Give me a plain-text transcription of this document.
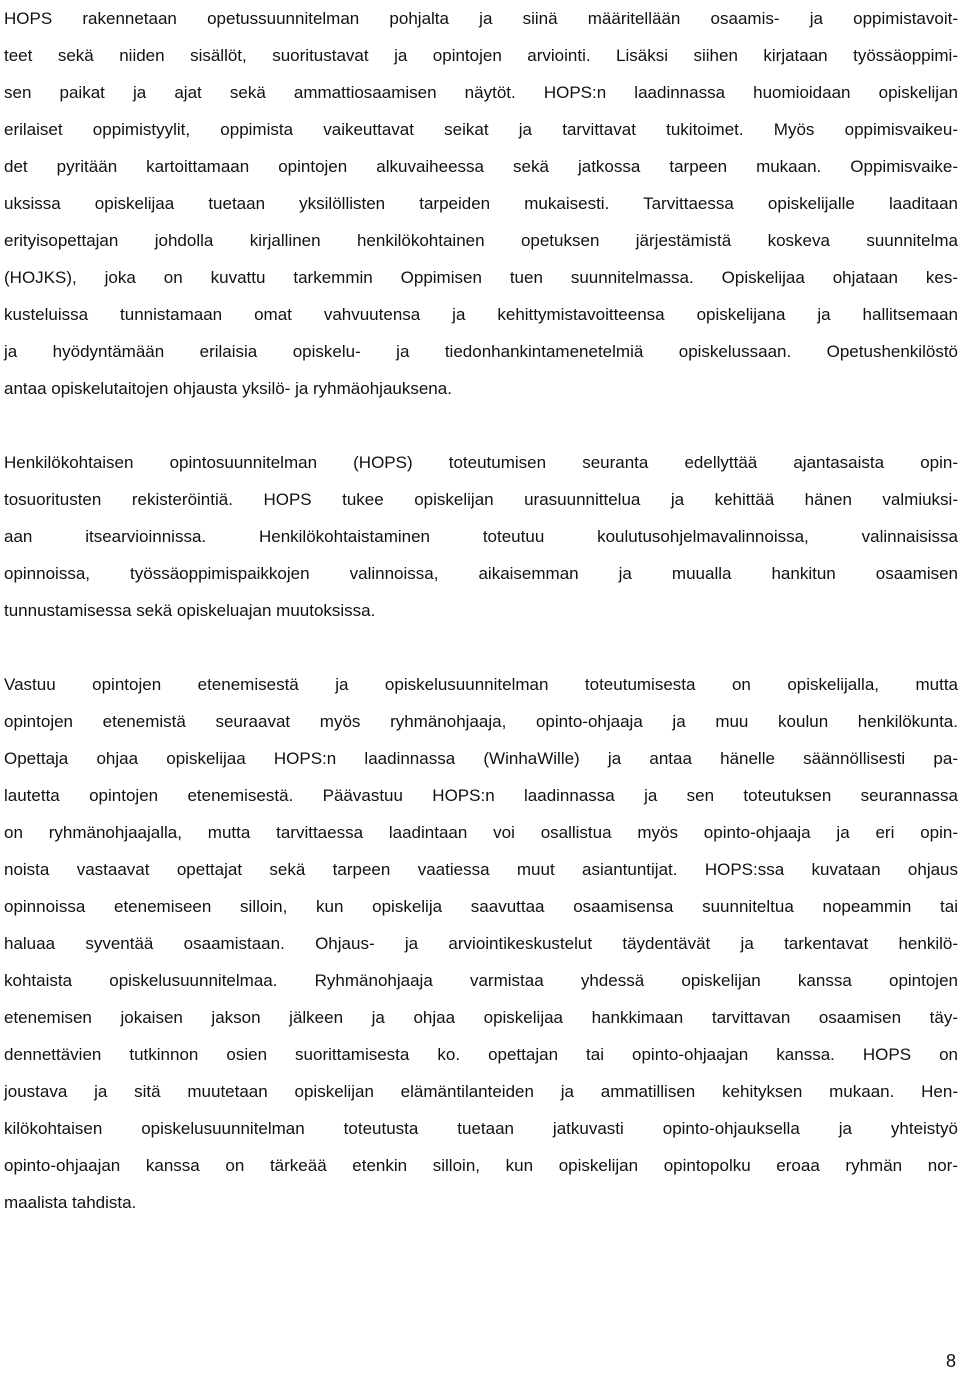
HOPS rakennetaan opetussuunnitelman pohjalta ja siinä määritellään osaamis- ja oppimistavoit-
teet sekä niiden sisällöt, suoritustavat ja opintojen arviointi. Lisäksi siihen kirjataan työssäoppimi-
sen paikat ja ajat sekä ammattiosaamisen näytöt. HOPS:n laadinnassa huomioidaan opiskelijan
erilaiset oppimistyylit, oppimista vaikeuttavat seikat ja tarvittavat tukitoimet. Myös oppimisvaikeu-
det pyritään kartoittamaan opintojen alkuvaiheessa sekä jatkossa tarpeen mukaan. Oppimisvaike-
uksissa opiskelijaa tuetaan yksilöllisten tarpeiden mukaisesti. Tarvittaessa opiskelijalle laaditaan
erityisopettajan johdolla kirjallinen henkilökohtainen opetuksen järjestämistä koskeva suunnitelma
(HOJKS), joka on kuvattu tarkemmin Oppimisen tuen suunnitelmassa. Opiskelijaa ohjataan kes-
kusteluissa tunnistamaan omat vahvuutensa ja kehittymistavoitteensa opiskelijana ja hallitsemaan
ja hyödyntämään erilaisia opiskelu- ja tiedonhankintamenetelmiä opiskelussaan. Opetushenkilöstö
antaa opiskelutaitojen ohjausta yksilö- ja ryhmäohjauksena.
Henkilökohtaisen opintosuunnitelman (HOPS) toteutumisen seuranta edellyttää ajantasaista opin-
tosuoritusten rekisteröintiä. HOPS tukee opiskelijan urasuunnittelua ja kehittää hänen valmiuksi-
aan itsearvioinnissa. Henkilökohtaistaminen toteutuu koulutusohjelmavalinnoissa, valinnaisissa
opinnoissa, työssäoppimispaikkojen valinnoissa, aikaisemman ja muualla hankitun osaamisen
tunnustamisessa sekä opiskeluajan muutoksissa.
Vastuu opintojen etenemisestä ja opiskelusuunnitelman toteutumisesta on opiskelijalla, mutta
opintojen etenemistä seuraavat myös ryhmänohjaaja, opinto-ohjaaja ja muu koulun henkilökunta.
Opettaja ohjaa opiskelijaa HOPS:n laadinnassa (WinhaWille) ja antaa hänelle säännöllisesti pa-
lautetta opintojen etenemisestä. Päävastuu HOPS:n laadinnassa ja sen toteutuksen seurannassa
on ryhmänohjaajalla, mutta tarvittaessa laadintaan voi osallistua myös opinto-ohjaaja ja eri opin-
noista vastaavat opettajat sekä tarpeen vaatiessa muut asiantuntijat. HOPS:ssa kuvataan ohjaus
opinnoissa etenemiseen silloin, kun opiskelija saavuttaa osaamisensa suunniteltua nopeammin tai
haluaa syventää osaamistaan. Ohjaus- ja arviointikeskustelut täydentävät ja tarkentavat henkilö-
kohtaista opiskelusuunnitelmaa. Ryhmänohjaaja varmistaa yhdessä opiskelijan kanssa opintojen
etenemisen jokaisen jakson jälkeen ja ohjaa opiskelijaa hankkimaan tarvittavan osaamisen täy-
dennettävien tutkinnon osien suorittamisesta ko. opettajan tai opinto-ohjaajan kanssa. HOPS on
joustava ja sitä muutetaan opiskelijan elämäntilanteiden ja ammatillisen kehityksen mukaan. Hen-
kilökohtaisen opiskelusuunnitelman toteutusta tuetaan jatkuvasti opinto-ohjauksella ja yhteistyö
opinto-ohjaajan kanssa on tärkeää etenkin silloin, kun opiskelijan opintopolku eroaa ryhmän nor-
maalista tahdista.
8
